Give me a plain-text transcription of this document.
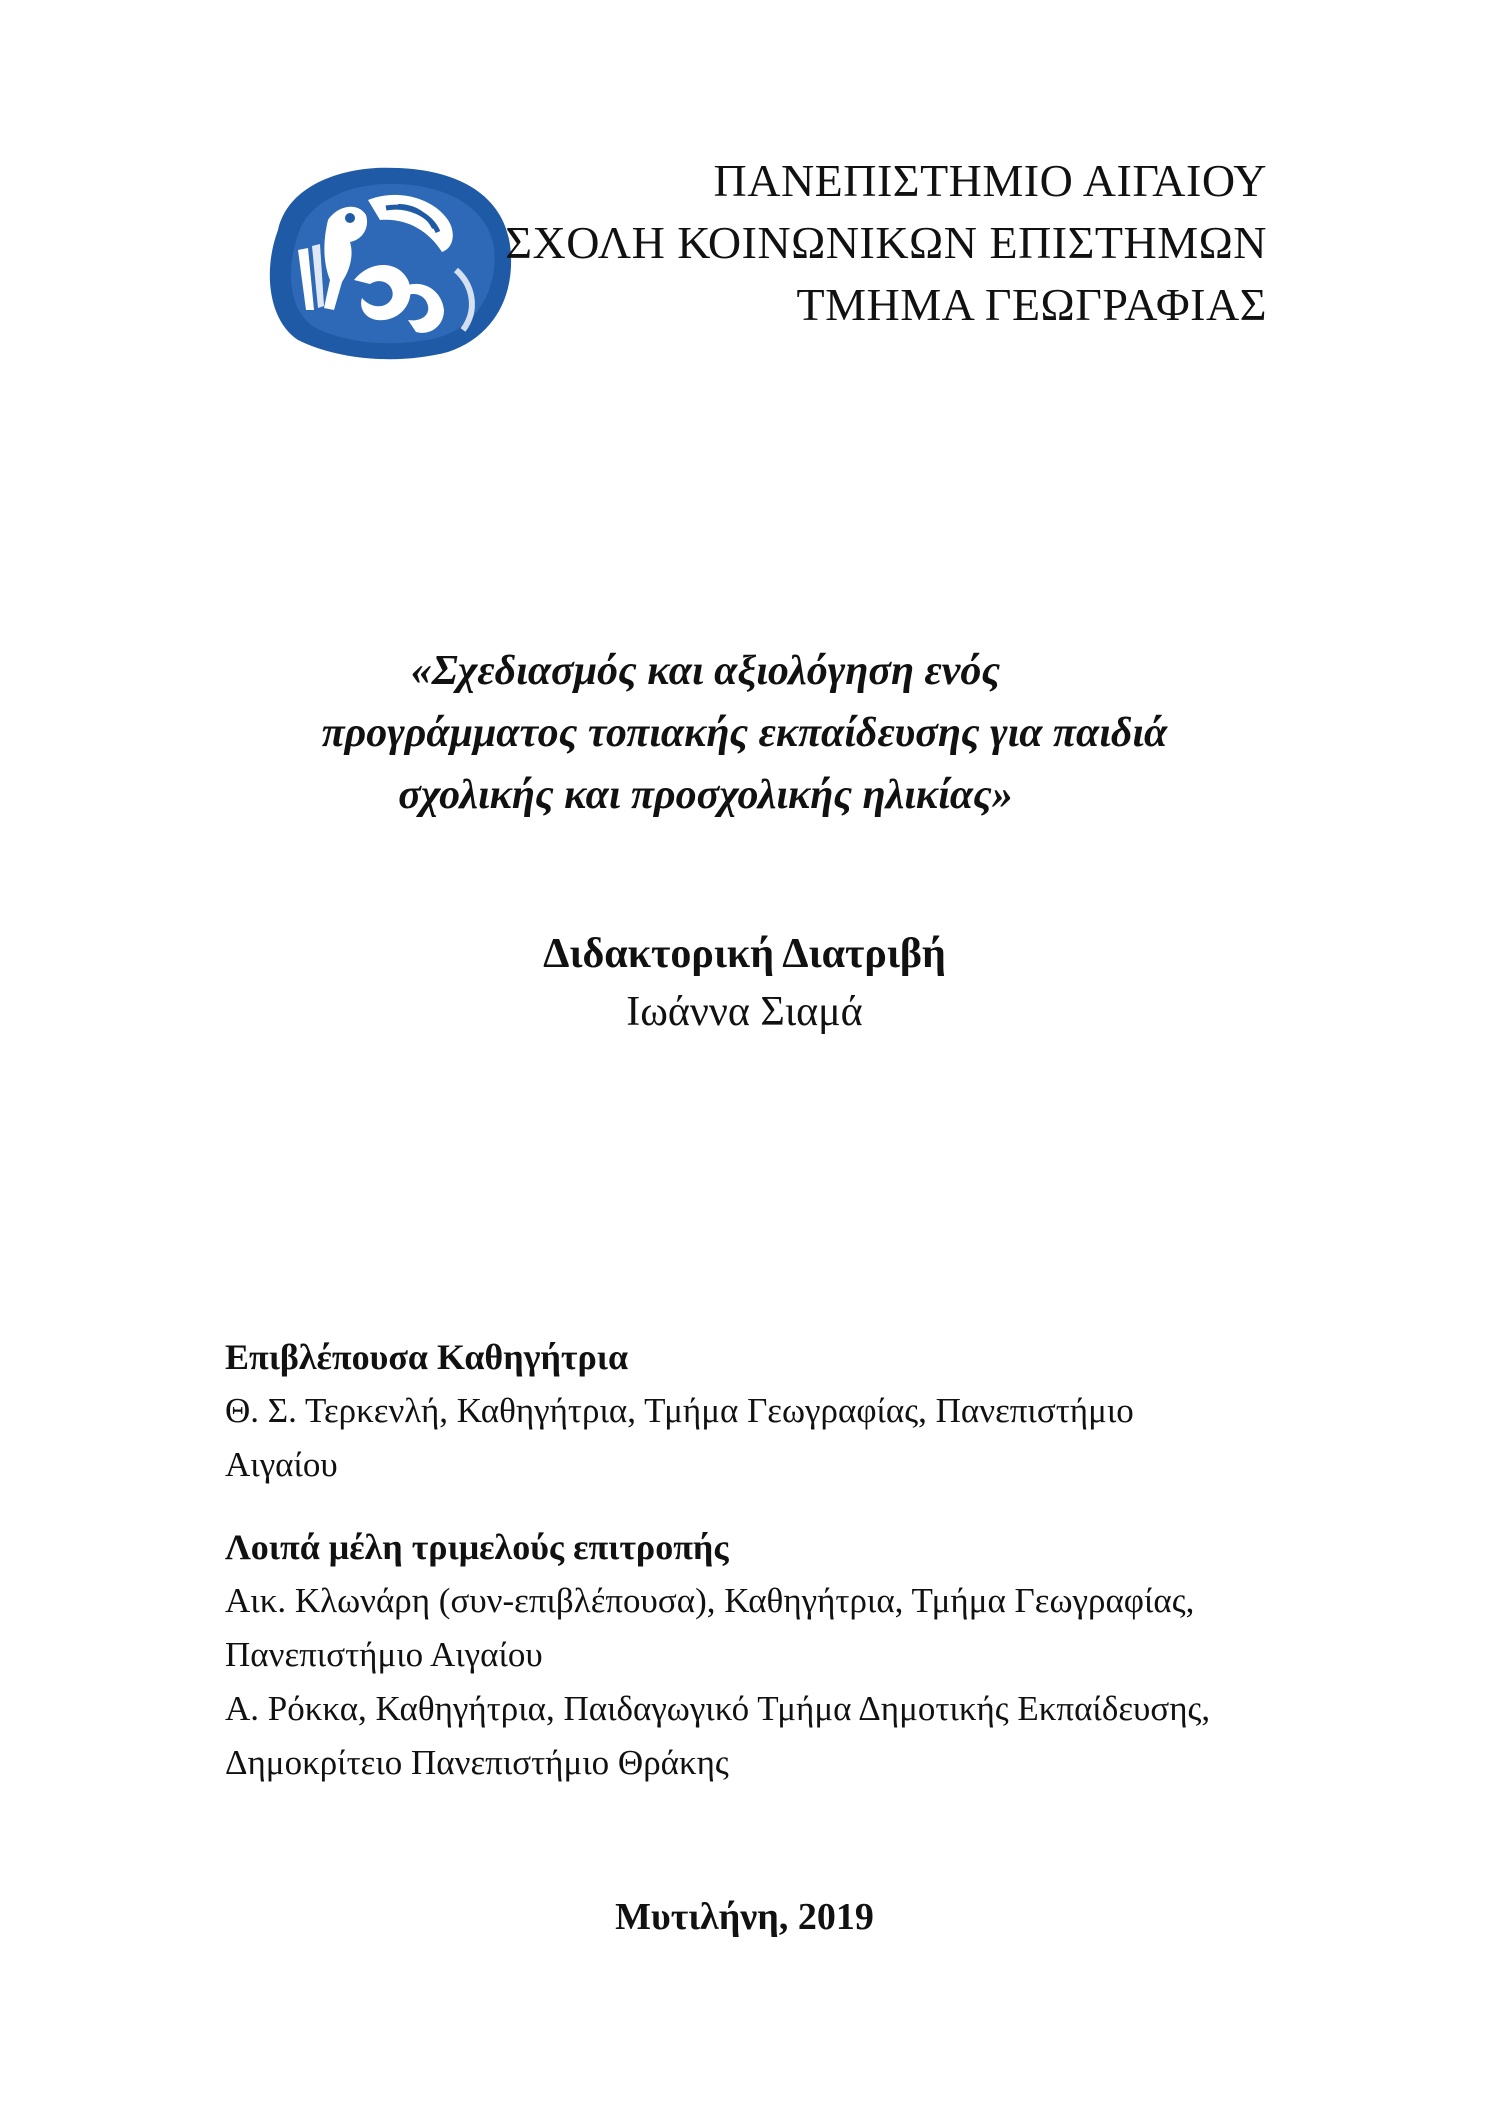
ΠΑΝΕΠΙΣΤΗΜΙΟ ΑΙΓΑΙΟΥ
ΣΧΟΛΗ ΚΟΙΝΩΝΙΚΩΝ ΕΠΙΣΤΗΜΩΝ
ΤΜΗΜΑ ΓΕΩΓΡΑΦΙΑΣ
«Σχεδιασμός και αξιολόγηση ενός
προγράμματος τοπιακής εκπαίδευσης για παιδιά
σχολικής και προσχολικής ηλικίας»
Διδακτορική Διατριβή
Ιωάννα Σιαμά

Επιβλέπουσα Καθηγήτρια

Θ. Σ. Τερκενλή, Καθηγήτρια, Τμήμα Γεωγραφίας, Πανεπιστήμιο

Αιγαίου

Λοιπά μέλη τριμελούς επιτροπής

Αικ. Κλωνάρη (συν-επιβλέπουσα), Καθηγήτρια, Τμήμα Γεωγραφίας,

Πανεπιστήμιο Αιγαίου

Α. Ρόκκα, Καθηγήτρια, Παιδαγωγικό Τμήμα Δημοτικής Εκπαίδευσης,

Δημοκρίτειο Πανεπιστήμιο Θράκης

Μυτιλήνη, 2019
